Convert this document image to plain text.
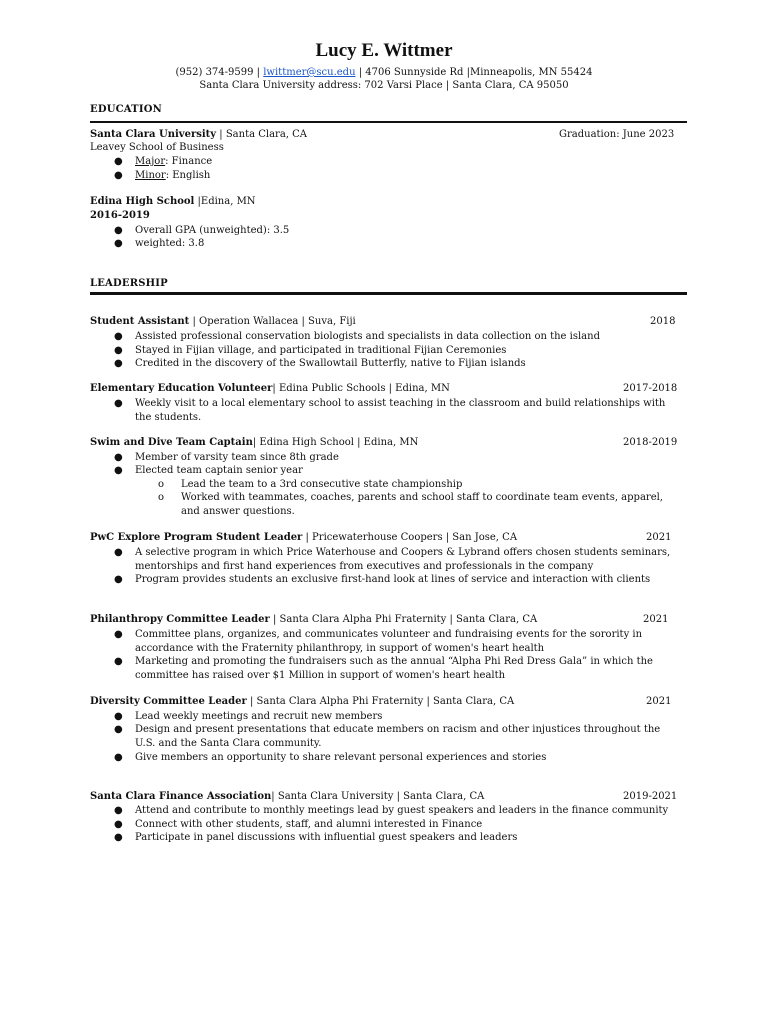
Lucy E. Wittmer
(952) 374-9599 | lwittmer@scu.edu | 4706 Sunnyside Rd |Minneapolis, MN 55424
Santa Clara University address: 702 Varsi Place | Santa Clara, CA 95050
EDUCATION
Santa Clara University | Santa Clara, CA	Graduation: June 2023
Leavey School of Business
● Major: Finance
● Minor: English
Edina High School |Edina, MN
2016-2019
● Overall GPA (unweighted): 3.5
● weighted: 3.8
LEADERSHIP
Student Assistant | Operation Wallacea | Suva, Fiji	2018
● Assisted professional conservation biologists and specialists in data collection on the island
● Stayed in Fijian village, and participated in traditional Fijian Ceremonies
● Credited in the discovery of the Swallowtail Butterfly, native to Fijian islands
Elementary Education Volunteer| Edina Public Schools | Edina, MN	2017-2018
● Weekly visit to a local elementary school to assist teaching in the classroom and build relationships with the students.
Swim and Dive Team Captain| Edina High School | Edina, MN	2018-2019
● Member of varsity team since 8th grade
● Elected team captain senior year
o Lead the team to a 3rd consecutive state championship
o Worked with teammates, coaches, parents and school staff to coordinate team events, apparel, and answer questions.
PwC Explore Program Student Leader | Pricewaterhouse Coopers | San Jose, CA	2021
● A selective program in which Price Waterhouse and Coopers & Lybrand offers chosen students seminars, mentorships and first hand experiences from executives and professionals in the company
● Program provides students an exclusive first-hand look at lines of service and interaction with clients
Philanthropy Committee Leader | Santa Clara Alpha Phi Fraternity | Santa Clara, CA	2021
● Committee plans, organizes, and communicates volunteer and fundraising events for the sorority in accordance with the Fraternity philanthropy, in support of women's heart health
● Marketing and promoting the fundraisers such as the annual “Alpha Phi Red Dress Gala” in which the committee has raised over $1 Million in support of women's heart health
Diversity Committee Leader | Santa Clara Alpha Phi Fraternity | Santa Clara, CA	2021
● Lead weekly meetings and recruit new members
● Design and present presentations that educate members on racism and other injustices throughout the U.S. and the Santa Clara community.
● Give members an opportunity to share relevant personal experiences and stories
Santa Clara Finance Association| Santa Clara University | Santa Clara, CA	2019-2021
● Attend and contribute to monthly meetings lead by guest speakers and leaders in the finance community
● Connect with other students, staff, and alumni interested in Finance
● Participate in panel discussions with influential guest speakers and leaders
